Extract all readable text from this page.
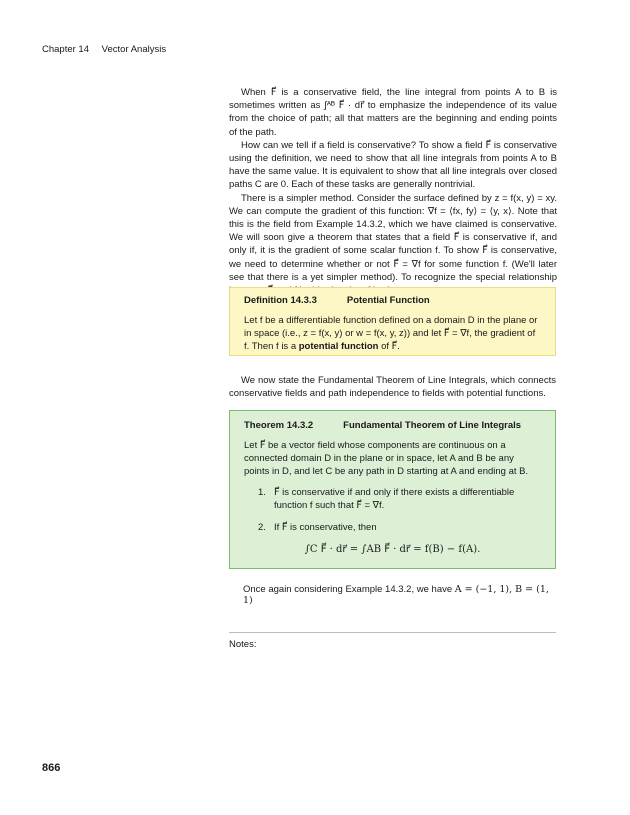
Chapter 14 Vector Analysis

When F⃗ is a conservative field, the line integral from points A to B is sometimes written as ∫ᴬᴮ F⃗ · dr⃗ to emphasize the independence of its value from the choice of path; all that matters are the beginning and ending points of the path.

How can we tell if a field is conservative? To show a field F⃗ is conservative using the definition, we need to show that all line integrals from points A to B have the same value. It is equivalent to show that all line integrals over closed paths C are 0. Each of these tasks are generally nontrivial.

There is a simpler method. Consider the surface defined by z = f(x, y) = xy. We can compute the gradient of this function: ∇f = ⟨fx, fy⟩ = ⟨y, x⟩. Note that this is the field from Example 14.3.2, which we have claimed is conservative. We will soon give a theorem that states that a field F⃗ is conservative if, and only if, it is the gradient of some scalar function f. To show F⃗ is conservative, we need to determine whether or not F⃗ = ∇f for some function f. (We'll later see that there is a yet simpler method). To recognize the special relationship

Definition 14.3.3	Potential Function

Let f be a differentiable function defined on a domain D in the plane or in space (i.e., z = f(x, y) or w = f(x, y, z)) and let F⃗ = ∇f, the gradient of f. Then f is a potential function of F⃗.

We now state the Fundamental Theorem of Line Integrals, which connects conservative fields and path independence to fields with potential functions.

Theorem 14.3.2	Fundamental Theorem of Line Integrals

Let F⃗ be a vector field whose components are continuous on a connected domain D in the plane or in space, let A and B be any points in D, and let C be any path in D starting at A and ending at B.

1. F⃗ is conservative if and only if there exists a differentiable function f such that F⃗ = ∇f.
2. If F⃗ is conservative, then
∫C F⃗ · dr⃗ = ∫AB F⃗ · dr⃗ = f(B) − f(A).
Once again considering Example 14.3.2, we have A = (−1, 1), B = (1, 1)
Notes:
866
